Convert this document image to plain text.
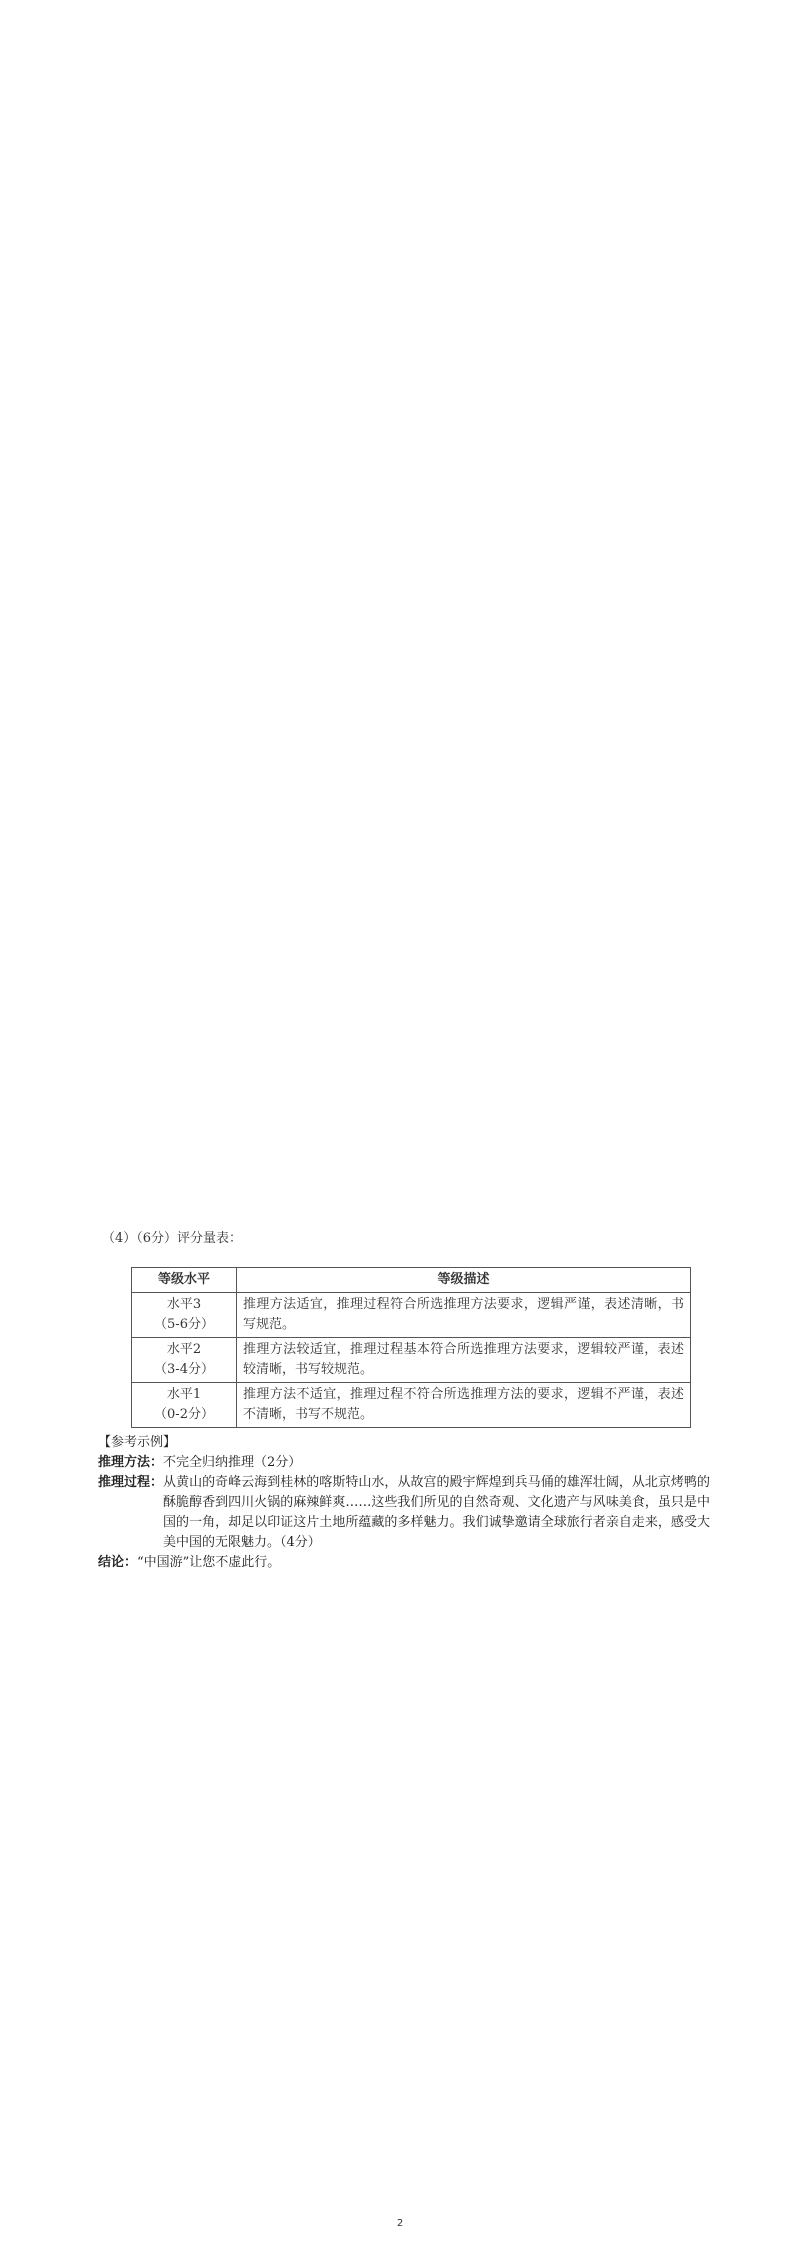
（4）（6分）评分量表：
等级水平	等级描述

水平3
（5-6分）	推理方法适宜，推理过程符合所选推理方法要求，逻辑严谨，表述清晰，书写规范。

水平2
（3-4分）	推理方法较适宜，推理过程基本符合所选推理方法要求，逻辑较严谨，表述较清晰，书写较规范。

水平1
（0-2分）	推理方法不适宜，推理过程不符合所选推理方法的要求，逻辑不严谨，表述不清晰，书写不规范。
【参考示例】
推理方法：不完全归纳推理（2分）
推理过程： 从黄山的奇峰云海到桂林的喀斯特山水，从故宫的殿宇辉煌到兵马俑的雄浑壮阔，从北京烤鸭的酥脆醇香到四川火锅的麻辣鲜爽……这些我们所见的自然奇观、文化遗产与风味美食，虽只是中国的一角，却足以印证这片土地所蕴藏的多样魅力。我们诚挚邀请全球旅行者亲自走来，感受大美中国的无限魅力。（4分）
结论：“中国游”让您不虚此行。
2
